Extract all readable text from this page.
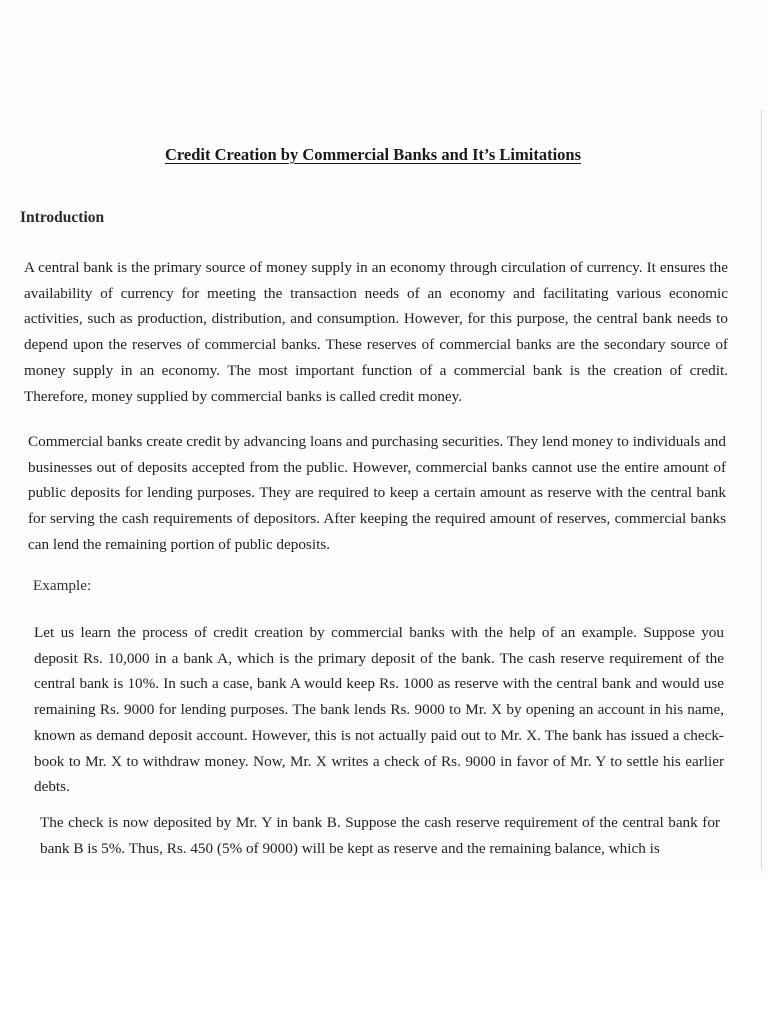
Credit Creation by Commercial Banks and It’s Limitations
Introduction

A central bank is the primary source of money supply in an economy through circulation of currency. It ensures the availability of currency for meeting the transaction needs of an economy and facilitating various economic activities, such as production, distribution, and consumption. However, for this purpose, the central bank needs to depend upon the reserves of commercial banks. These reserves of commercial banks are the secondary source of money supply in an economy. The most important function of a commercial bank is the creation of credit. Therefore, money supplied by commercial banks is called credit money.

Commercial banks create credit by advancing loans and purchasing securities. They lend money to individuals and businesses out of deposits accepted from the public. However, commercial banks cannot use the entire amount of public deposits for lending purposes. They are required to keep a certain amount as reserve with the central bank for serving the cash requirements of depositors. After keeping the required amount of reserves, commercial banks can lend the remaining portion of public deposits.

Example:

Let us learn the process of credit creation by commercial banks with the help of an example. Suppose you deposit Rs. 10,000 in a bank A, which is the primary deposit of the bank. The cash reserve requirement of the central bank is 10%. In such a case, bank A would keep Rs. 1000 as reserve with the central bank and would use remaining Rs. 9000 for lending purposes. The bank lends Rs. 9000 to Mr. X by opening an account in his name, known as demand deposit account. However, this is not actually paid out to Mr. X. The bank has issued a check-book to Mr. X to withdraw money. Now, Mr. X writes a check of Rs. 9000 in favor of Mr. Y to settle his earlier debts.

The check is now deposited by Mr. Y in bank B. Suppose the cash reserve requirement of the central bank for bank B is 5%. Thus, Rs. 450 (5% of 9000) will be kept as reserve and the remaining balance, which is
